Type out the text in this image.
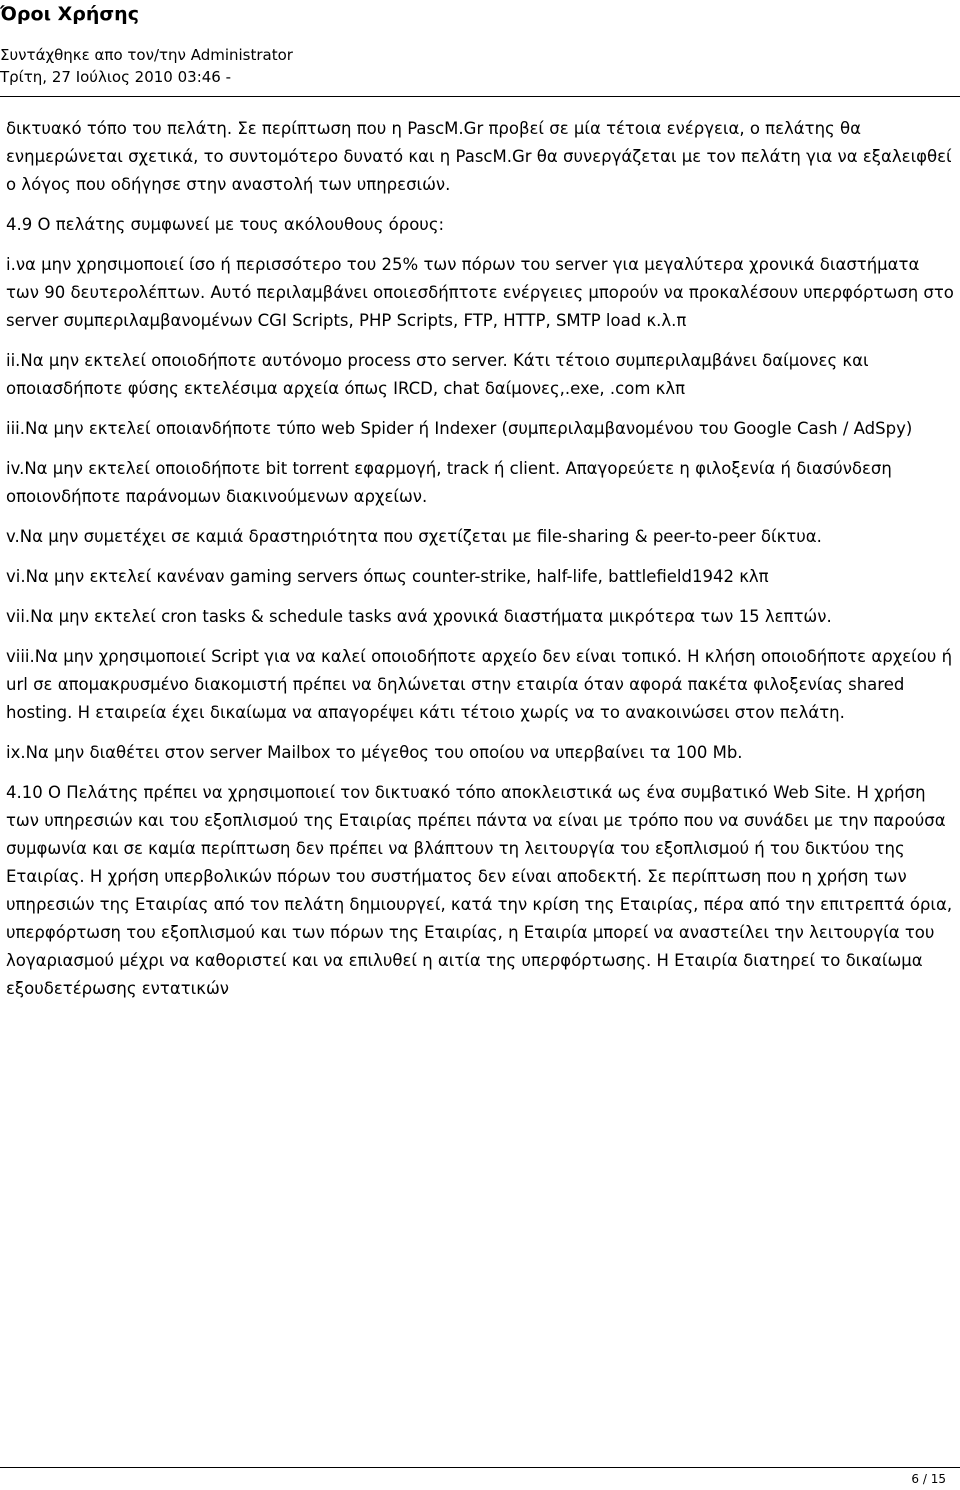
Όροι Χρήσης
Συντάχθηκε απο τον/την Administrator
Τρίτη, 27 Ιούλιος 2010 03:46 -

δικτυακό τόπο του πελάτη. Σε περίπτωση που η PascM.Gr προβεί σε μία τέτοια ενέργεια, ο πελάτης θα ενημερώνεται σχετικά, το συντομότερο δυνατό και η PascM.Gr θα συνεργάζεται με τον πελάτη για να εξαλειφθεί ο λόγος που οδήγησε στην αναστολή των υπηρεσιών.

4.9 Ο πελάτης συμφωνεί με τους ακόλουθους όρους:

i.να μην χρησιμοποιεί ίσο ή περισσότερο του 25% των πόρων του server για μεγαλύτερα χρονικά διαστήματα των 90 δευτερολέπτων. Αυτό περιλαμβάνει οποιεσδήπτοτε ενέργειες μπορούν να προκαλέσουν υπερφόρτωση στο server συμπεριλαμβανομένων CGI Scripts, PHP Scripts, FTP, HTTP, SMTP load κ.λ.π

ii.Να μην εκτελεί οποιοδήποτε αυτόνομο process στο server. Κάτι τέτοιο συμπεριλαμβάνει δαίμονες και οποιασδήποτε φύσης εκτελέσιμα αρχεία όπως IRCD, chat δαίμονες,.exe, .com κλπ

iii.Να μην εκτελεί οποιανδήποτε τύπο web Spider ή Indexer (συμπεριλαμβανομένου του Google Cash / AdSpy)

iv.Να μην εκτελεί οποιοδήποτε bit torrent εφαρμογή, track ή client. Απαγορεύετε η φιλοξενία ή διασύνδεση οποιονδήποτε παράνομων διακινούμενων αρχείων.

v.Να μην συμετέχει σε καμιά δραστηριότητα που σχετίζεται με file-sharing & peer-to-peer δίκτυα.

vi.Να μην εκτελεί κανέναν gaming servers όπως counter-strike, half-life, battlefield1942 κλπ

vii.Να μην εκτελεί cron tasks & schedule tasks ανά χρονικά διαστήματα μικρότερα των 15 λεπτών.

viii.Να μην χρησιμοποιεί Script για να καλεί οποιοδήποτε αρχείο δεν είναι τοπικό. Η κλήση οποιοδήποτε αρχείου ή url σε απομακρυσμένο διακομιστή πρέπει να δηλώνεται στην εταιρία όταν αφορά πακέτα φιλοξενίας shared hosting. Η εταιρεία έχει δικαίωμα να απαγορέψει κάτι τέτοιο χωρίς να το ανακοινώσει στον πελάτη.

ix.Να μην διαθέτει στον server Mailbox το μέγεθος του οποίου να υπερβαίνει τα 100 Mb.

4.10 Ο Πελάτης πρέπει να χρησιμοποιεί τον δικτυακό τόπο αποκλειστικά ως ένα συμβατικό Web Site. Η χρήση των υπηρεσιών και του εξοπλισμού της Εταιρίας πρέπει πάντα να είναι με τρόπο που να συνάδει με την παρούσα συμφωνία και σε καμία περίπτωση δεν πρέπει να βλάπτουν τη λειτουργία του εξοπλισμού ή του δικτύου της Εταιρίας. Η χρήση υπερβολικών πόρων του συστήματος δεν είναι αποδεκτή. Σε περίπτωση που η χρήση των υπηρεσιών της Εταιρίας από τον πελάτη δημιουργεί, κατά την κρίση της Εταιρίας, πέρα από την επιτρεπτά όρια, υπερφόρτωση του εξοπλισμού και των πόρων της Εταιρίας, η Εταιρία μπορεί να αναστείλει την λειτουργία του λογαριασμού μέχρι να καθοριστεί και να επιλυθεί η αιτία της υπερφόρτωσης. Η Εταιρία διατηρεί το δικαίωμα εξουδετέρωσης εντατικών

6 / 15
